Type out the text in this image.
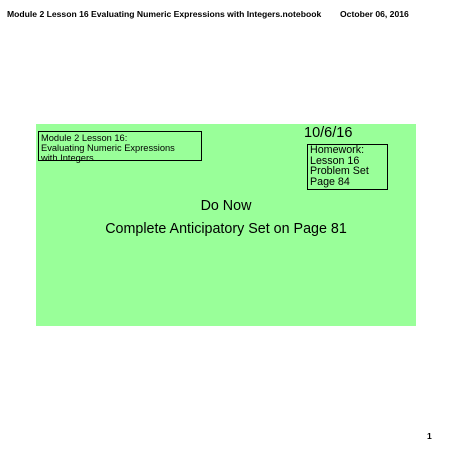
Module 2 Lesson 16 Evaluating Numeric Expressions with Integers.notebook October 06, 2016
Module 2 Lesson 16:
Evaluating Numeric Expressions
with Integers
10/6/16
Homework:
Lesson 16
Problem Set
Page 84
Do Now
Complete Anticipatory Set on Page 81
1
